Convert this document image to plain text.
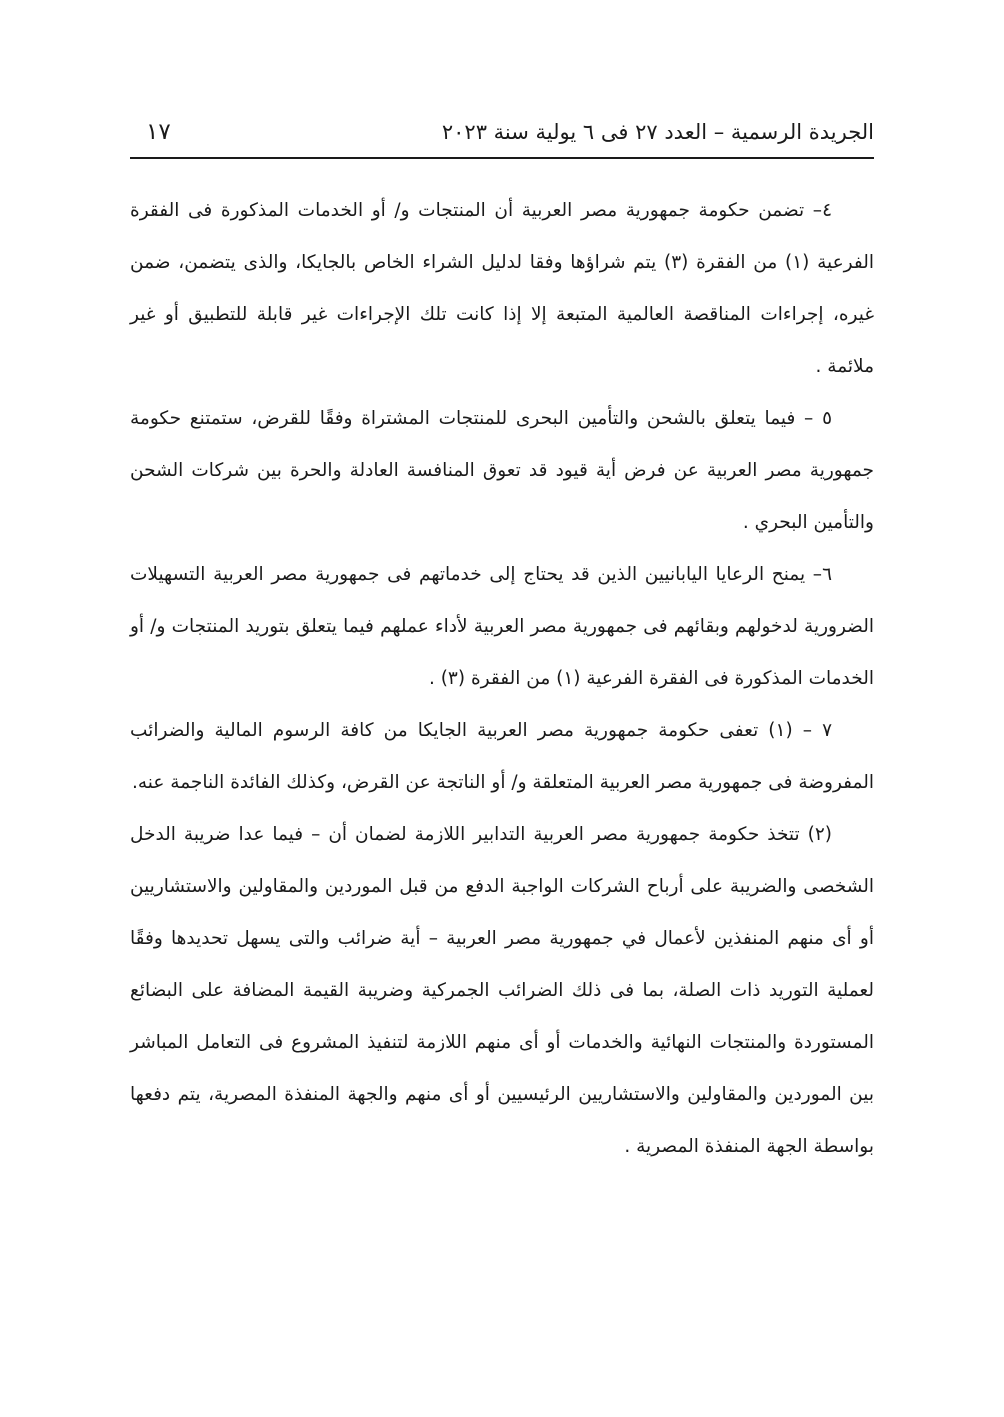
الجريدة الرسمية – العدد ٢٧ فى ٦ يولية سنة ٢٠٢٣
١٧

٤– تضمن حكومة جمهورية مصر العربية أن المنتجات و/ أو الخدمات المذكورة فى الفقرة الفرعية (١) من الفقرة (٣) يتم شراؤها وفقا لدليل الشراء الخاص بالجايكا، والذى يتضمن، ضمن غيره، إجراءات المناقصة العالمية المتبعة إلا إذا كانت تلك الإجراءات غير قابلة للتطبيق أو غير ملائمة .

٥ – فيما يتعلق بالشحن والتأمين البحرى للمنتجات المشتراة وفقًا للقرض، ستمتنع حكومة جمهورية مصر العربية عن فرض أية قيود قد تعوق المنافسة العادلة والحرة بين شركات الشحن والتأمين البحري .

٦– يمنح الرعايا اليابانيين الذين قد يحتاج إلى خدماتهم فى جمهورية مصر العربية التسهيلات الضرورية لدخولهم وبقائهم فى جمهورية مصر العربية لأداء عملهم فيما يتعلق بتوريد المنتجات و/ أو الخدمات المذكورة فى الفقرة الفرعية (١) من الفقرة (٣) .

٧ – (١) تعفى حكومة جمهورية مصر العربية الجايكا من كافة الرسوم المالية والضرائب المفروضة فى جمهورية مصر العربية المتعلقة و/ أو الناتجة عن القرض، وكذلك الفائدة الناجمة عنه.

(٢) تتخذ حكومة جمهورية مصر العربية التدابير اللازمة لضمان أن – فيما عدا ضريبة الدخل الشخصى والضريبة على أرباح الشركات الواجبة الدفع من قبل الموردين والمقاولين والاستشاريين أو أى منهم المنفذين لأعمال في جمهورية مصر العربية – أية ضرائب والتى يسهل تحديدها وفقًا لعملية التوريد ذات الصلة، بما فى ذلك الضرائب الجمركية وضريبة القيمة المضافة على البضائع المستوردة والمنتجات النهائية والخدمات أو أى منهم اللازمة لتنفيذ المشروع فى التعامل المباشر بين الموردين والمقاولين والاستشاريين الرئيسيين أو أى منهم والجهة المنفذة المصرية، يتم دفعها بواسطة الجهة المنفذة المصرية .
